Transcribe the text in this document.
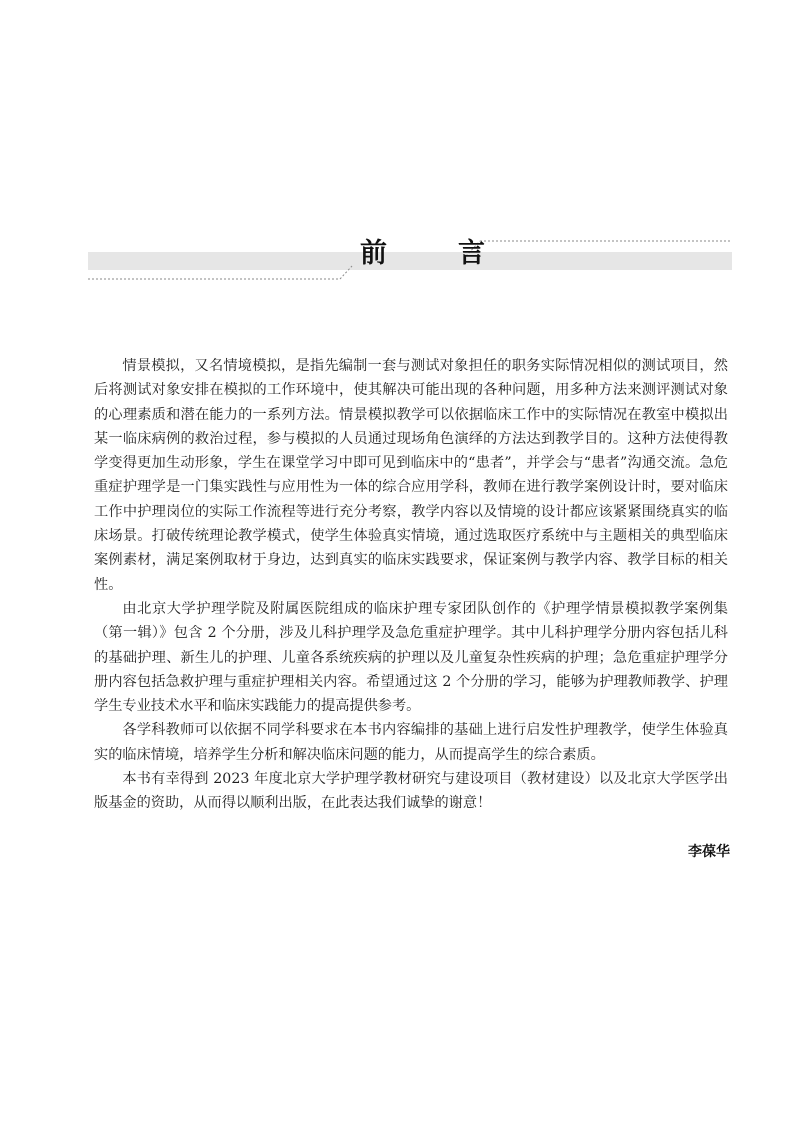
前　言

情景模拟，又名情境模拟，是指先编制一套与测试对象担任的职务实际情况相似的测试项目，然后将测试对象安排在模拟的工作环境中，使其解决可能出现的各种问题，用多种方法来测评测试对象的心理素质和潜在能力的一系列方法。情景模拟教学可以依据临床工作中的实际情况在教室中模拟出某一临床病例的救治过程，参与模拟的人员通过现场角色演绎的方法达到教学目的。这种方法使得教学变得更加生动形象，学生在课堂学习中即可见到临床中的“患者”，并学会与“患者”沟通交流。急危重症护理学是一门集实践性与应用性为一体的综合应用学科，教师在进行教学案例设计时，要对临床工作中护理岗位的实际工作流程等进行充分考察，教学内容以及情境的设计都应该紧紧围绕真实的临床场景。打破传统理论教学模式，使学生体验真实情境，通过选取医疗系统中与主题相关的典型临床案例素材，满足案例取材于身边，达到真实的临床实践要求，保证案例与教学内容、教学目标的相关性。

由北京大学护理学院及附属医院组成的临床护理专家团队创作的《护理学情景模拟教学案例集（第一辑）》包含 2 个分册，涉及儿科护理学及急危重症护理学。其中儿科护理学分册内容包括儿科的基础护理、新生儿的护理、儿童各系统疾病的护理以及儿童复杂性疾病的护理；急危重症护理学分册内容包括急救护理与重症护理相关内容。希望通过这 2 个分册的学习，能够为护理教师教学、护理学生专业技术水平和临床实践能力的提高提供参考。

各学科教师可以依据不同学科要求在本书内容编排的基础上进行启发性护理教学，使学生体验真实的临床情境，培养学生分析和解决临床问题的能力，从而提高学生的综合素质。

本书有幸得到 2023 年度北京大学护理学教材研究与建设项目（教材建设）以及北京大学医学出版基金的资助，从而得以顺利出版，在此表达我们诚挚的谢意！

李葆华
